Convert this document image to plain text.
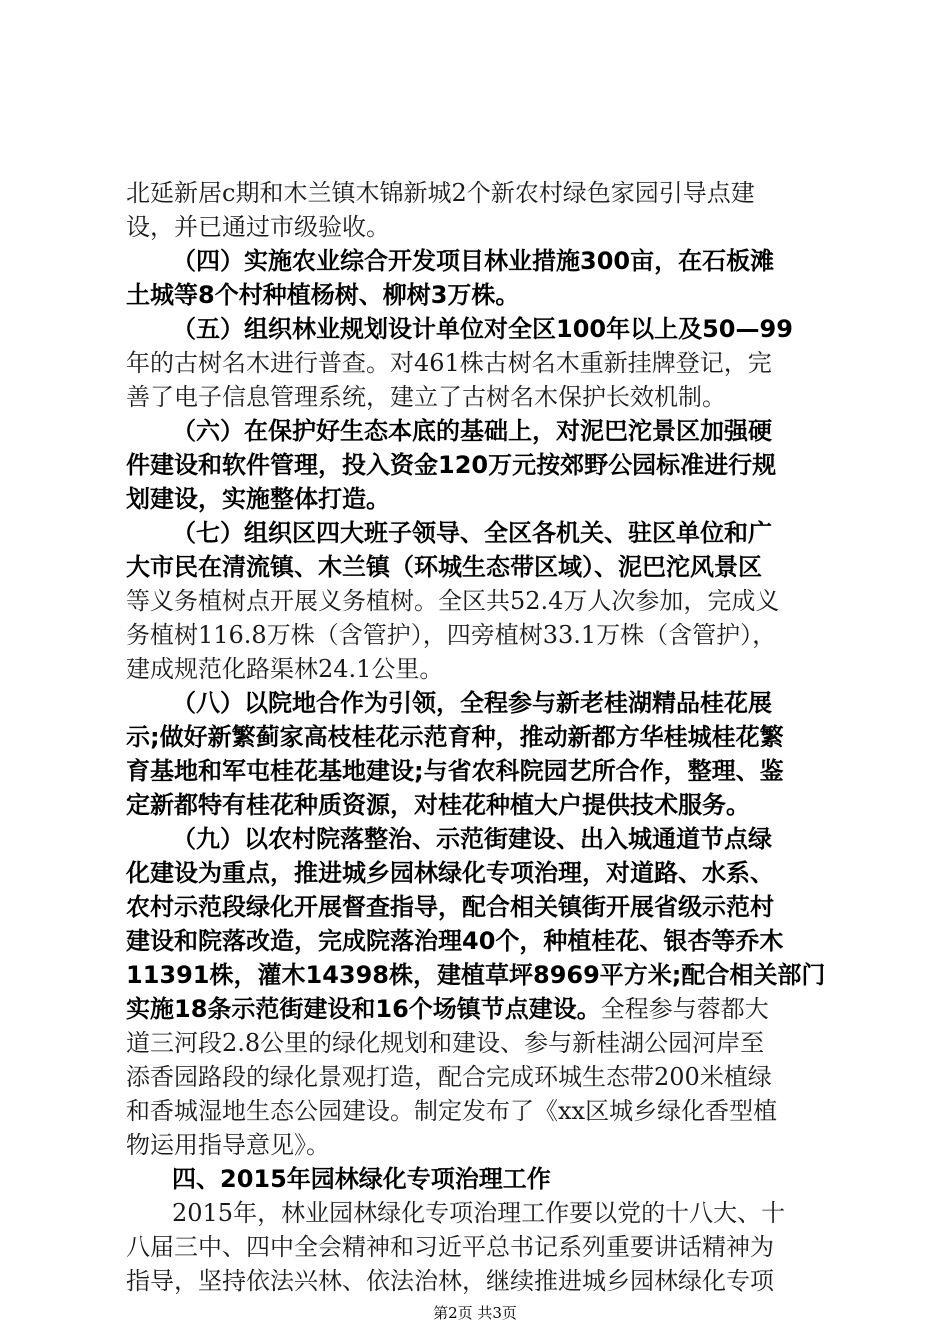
北延新居c期和木兰镇木锦新城2个新农村绿色家园引导点建
设，并已通过市级验收。
（四）实施农业综合开发项目林业措施300亩，在石板滩
土城等8个村种植杨树、柳树3万株。
（五）组织林业规划设计单位对全区100年以上及50—99
年的古树名木进行普查。对461株古树名木重新挂牌登记，完
善了电子信息管理系统，建立了古树名木保护长效机制。
（六）在保护好生态本底的基础上，对泥巴沱景区加强硬
件建设和软件管理，投入资金120万元按郊野公园标准进行规
划建设，实施整体打造。
（七）组织区四大班子领导、全区各机关、驻区单位和广
大市民在清流镇、木兰镇（环城生态带区域）、泥巴沱风景区
等义务植树点开展义务植树。全区共52.4万人次参加，完成义
务植树116.8万株（含管护），四旁植树33.1万株（含管护），
建成规范化路渠林24.1公里。
（八）以院地合作为引领，全程参与新老桂湖精品桂花展
示;做好新繁蓟家高枝桂花示范育种，推动新都方华桂城桂花繁
育基地和军屯桂花基地建设;与省农科院园艺所合作，整理、鉴
定新都特有桂花种质资源，对桂花种植大户提供技术服务。
（九）以农村院落整治、示范街建设、出入城通道节点绿
化建设为重点，推进城乡园林绿化专项治理，对道路、水系、
农村示范段绿化开展督查指导，配合相关镇街开展省级示范村
建设和院落改造，完成院落治理40个，种植桂花、银杏等乔木
11391株，灌木14398株，建植草坪8969平方米;配合相关部门
实施18条示范街建设和16个场镇节点建设。全程参与蓉都大
道三河段2.8公里的绿化规划和建设、参与新桂湖公园河岸至
添香园路段的绿化景观打造，配合完成环城生态带200米植绿
和香城湿地生态公园建设。制定发布了《xx区城乡绿化香型植
物运用指导意见》。
四、2015年园林绿化专项治理工作
2015年，林业园林绿化专项治理工作要以党的十八大、十
八届三中、四中全会精神和习近平总书记系列重要讲话精神为
指导，坚持依法兴林、依法治林，继续推进城乡园林绿化专项
第2页 共3页
